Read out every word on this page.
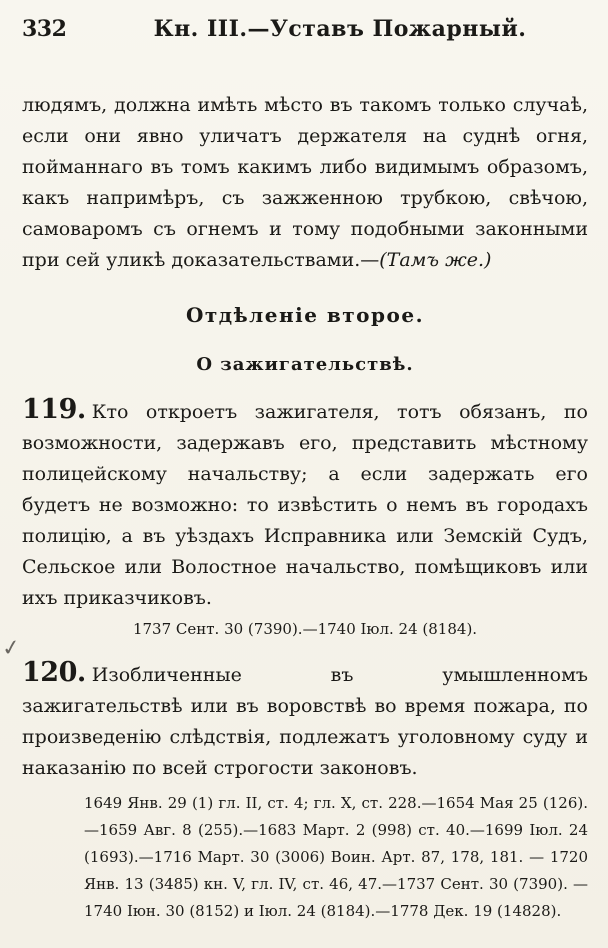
332	Кн. III.—Уставъ Пожарный.

людямъ, должна имѣть мѣсто въ такомъ только случаѣ, если они явно уличатъ держателя на суднѣ огня, пойманнаго въ томъ какимъ либо видимымъ образомъ, какъ напримѣръ, съ зажженною трубкою, свѣчою, самоваромъ съ огнемъ и тому подобными законными при сей уликѣ доказательствами.—(Тамъ же.)

Отдѣленіе второе.
О зажигательствѣ.

119. Кто откроетъ зажигателя, тотъ обязанъ, по возможности, задержавъ его, представить мѣстному полицейскому начальству; а если задержать его будетъ не возможно: то извѣстить о немъ въ городахъ полицію, а въ уѣздахъ Исправника или Земскій Судъ, Сельское или Волостное начальство, помѣщиковъ или ихъ приказчиковъ.

1737 Сент. 30 (7390).—1740 Іюл. 24 (8184).

✓

120. Изобличенные въ умышленномъ зажигательствѣ или въ воровствѣ во время пожара, по произведенію слѣдствія, подлежатъ уголовному суду и наказанію по всей строгости законовъ.

1649 Янв. 29 (1) гл. II, ст. 4; гл. X, ст. 228.—1654 Мая 25 (126).—1659 Авг. 8 (255).—1683 Март. 2 (998) ст. 40.—1699 Іюл. 24 (1693).—1716 Март. 30 (3006) Воин. Арт. 87, 178, 181. — 1720 Янв. 13 (3485) кн. V, гл. IV, ст. 46, 47.—1737 Сент. 30 (7390). — 1740 Іюн. 30 (8152) и Іюл. 24 (8184).—1778 Дек. 19 (14828).
